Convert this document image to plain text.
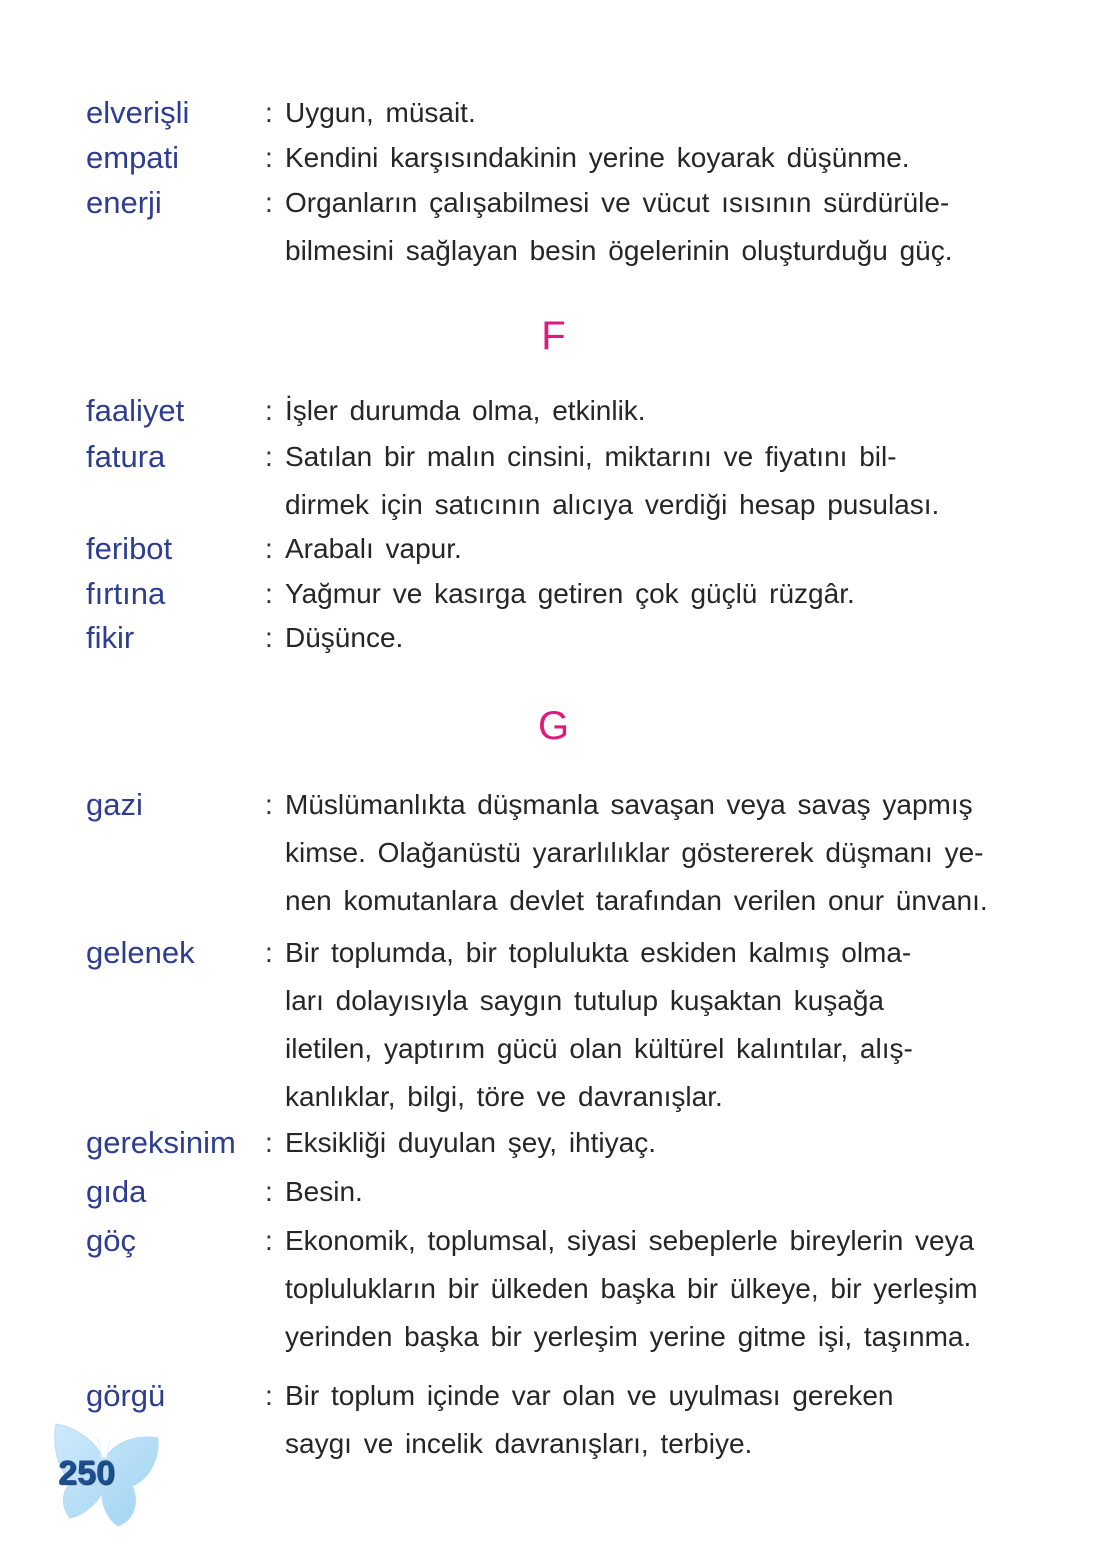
elverişli	: Uygun, müsait.
empati	: Kendini karşısındakinin yerine koyarak düşünme.
enerji	: Organların çalışabilmesi ve vücut ısısının sürdürüle-
bilmesini sağlayan besin ögelerinin oluşturduğu güç.
F
faaliyet	: İşler durumda olma, etkinlik.
fatura	: Satılan bir malın cinsini, miktarını ve fiyatını bil-
dirmek için satıcının alıcıya verdiği hesap pusulası.
feribot	: Arabalı vapur.
fırtına	: Yağmur ve kasırga getiren çok güçlü rüzgâr.
fikir	: Düşünce.
G
gazi	: Müslümanlıkta düşmanla savaşan veya savaş yapmış
kimse. Olağanüstü yararlılıklar göstererek düşmanı ye-
nen komutanlara devlet tarafından verilen onur ünvanı.
gelenek	: Bir toplumda, bir toplulukta eskiden kalmış olma-
ları dolayısıyla saygın tutulup kuşaktan kuşağa
iletilen, yaptırım gücü olan kültürel kalıntılar, alış-
kanlıklar, bilgi, töre ve davranışlar.
gereksinim : Eksikliği duyulan şey, ihtiyaç.
gıda	: Besin.
göç	: Ekonomik, toplumsal, siyasi sebeplerle bireylerin veya
toplulukların bir ülkeden başka bir ülkeye, bir yerleşim
yerinden başka bir yerleşim yerine gitme işi, taşınma.
görgü	: Bir toplum içinde var olan ve uyulması gereken
saygı ve incelik davranışları, terbiye.
250
